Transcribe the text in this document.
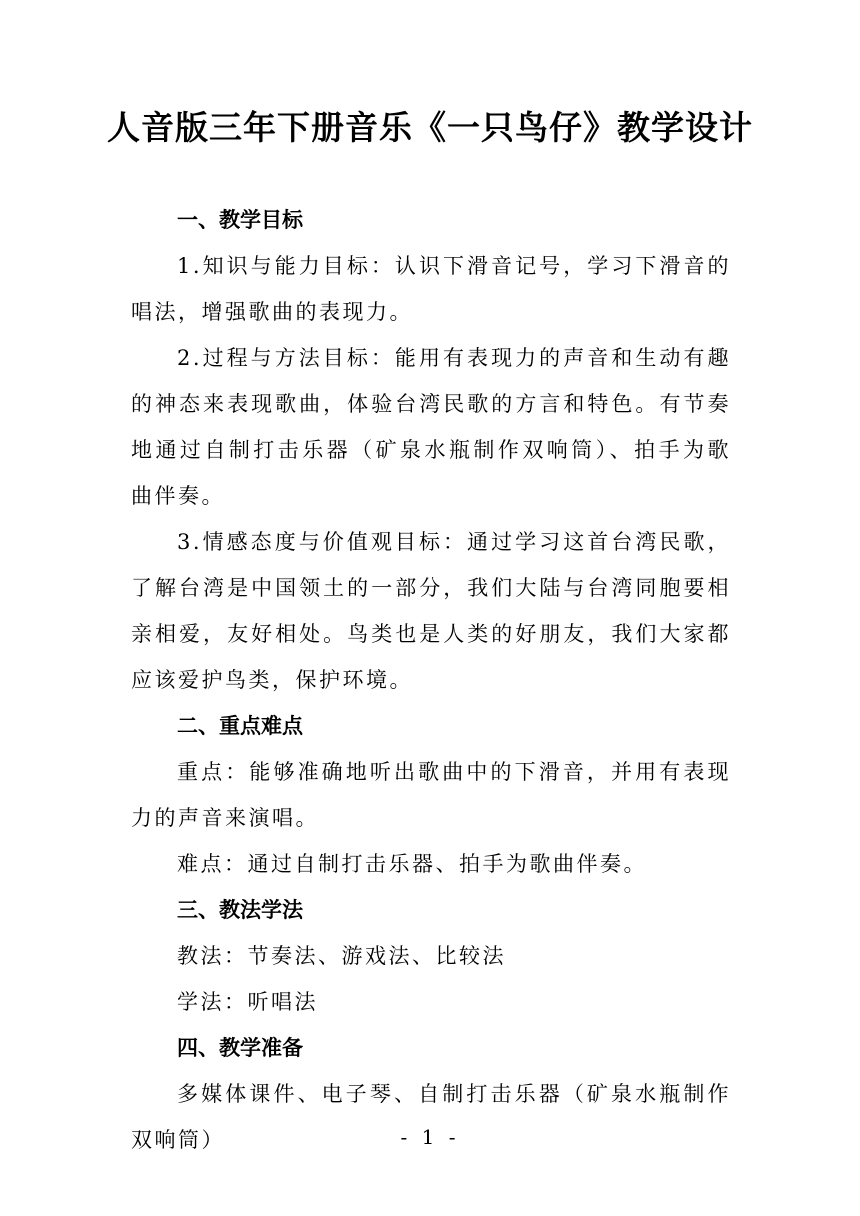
人音版三年下册音乐《一只鸟仔》教学设计
一、教学目标

1.知识与能力目标：认识下滑音记号，学习下滑音的唱法，增强歌曲的表现力。

2.过程与方法目标：能用有表现力的声音和生动有趣的神态来表现歌曲，体验台湾民歌的方言和特色。有节奏地通过自制打击乐器（矿泉水瓶制作双响筒）、拍手为歌曲伴奏。

3.情感态度与价值观目标：通过学习这首台湾民歌，了解台湾是中国领土的一部分，我们大陆与台湾同胞要相亲相爱，友好相处。鸟类也是人类的好朋友，我们大家都应该爱护鸟类，保护环境。

二、重点难点

重点：能够准确地听出歌曲中的下滑音，并用有表现力的声音来演唱。

难点：通过自制打击乐器、拍手为歌曲伴奏。

三、教法学法

教法：节奏法、游戏法、比较法

学法：听唱法

四、教学准备

多媒体课件、电子琴、自制打击乐器（矿泉水瓶制作双响筒）	- 1 -
